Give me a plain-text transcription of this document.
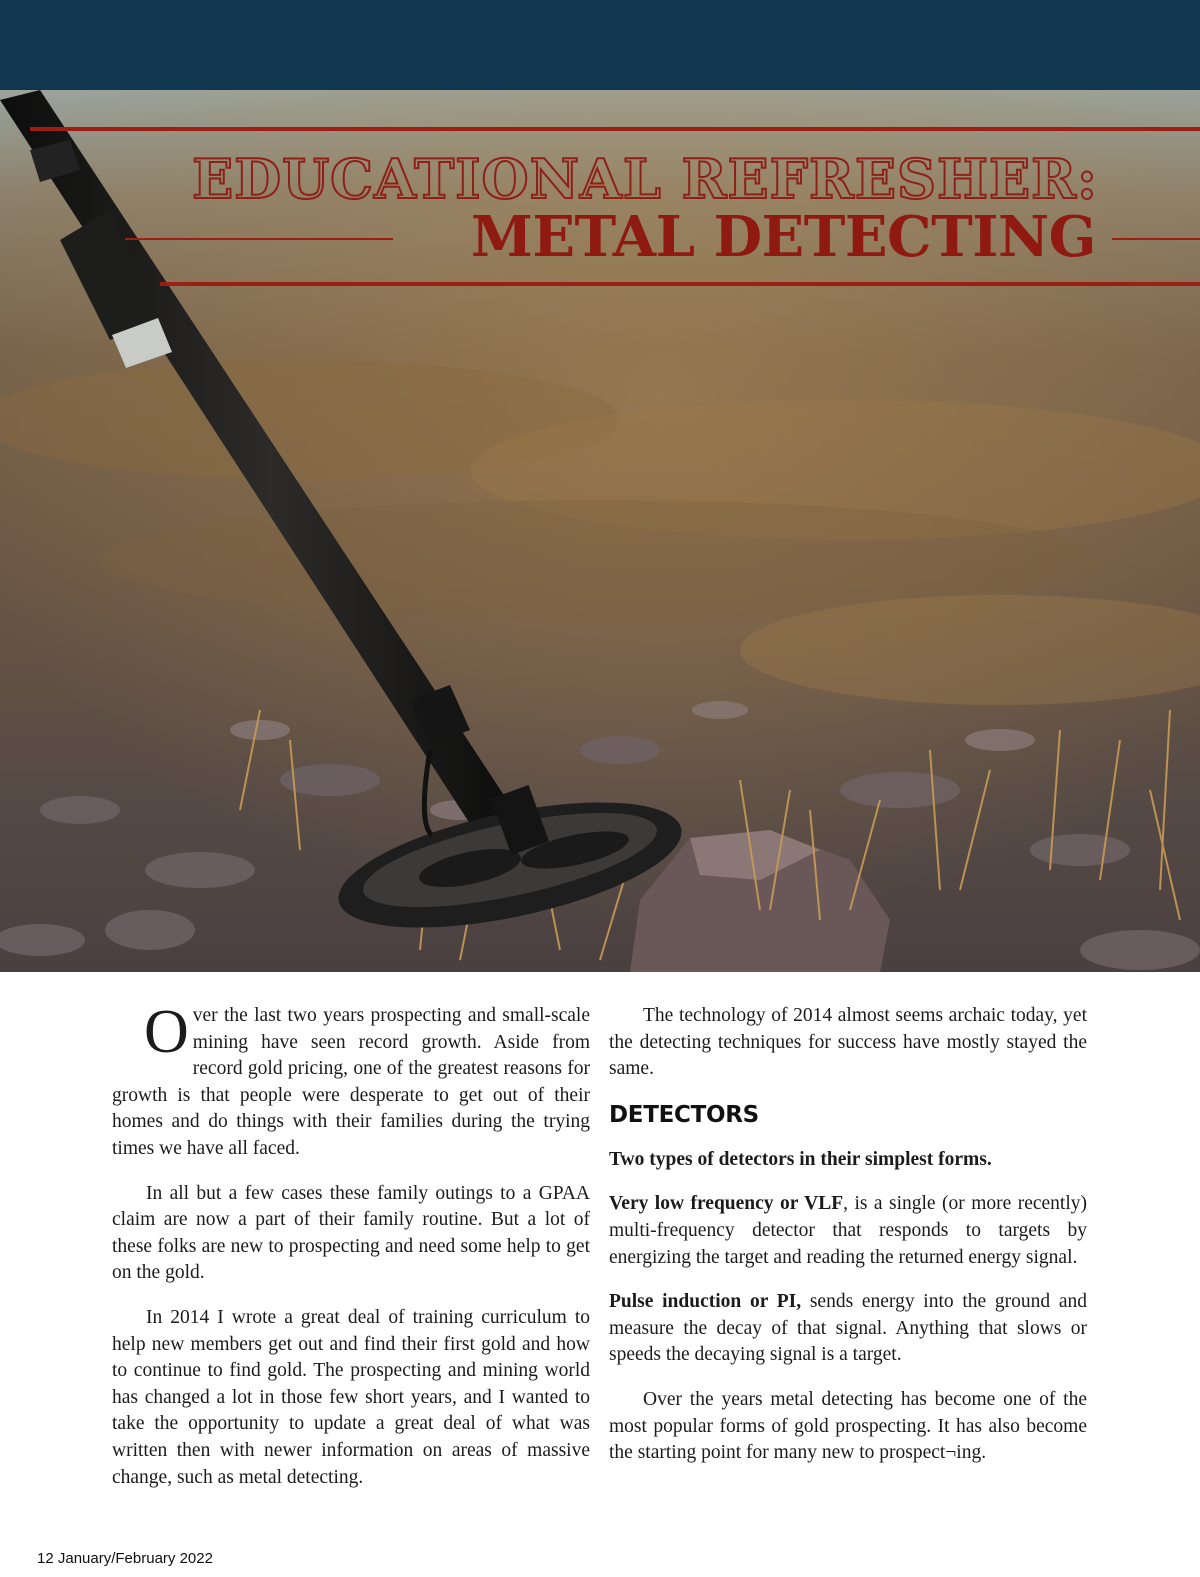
EDUCATIONAL REFRESHER:
METAL DETECTING

Over the last two years prospecting and small-scale mining have seen record growth. Aside from record gold pricing, one of the greatest reasons for growth is that people were desperate to get out of their homes and do things with their families during the trying times we have all faced.

In all but a few cases these family outings to a GPAA claim are now a part of their family routine. But a lot of these folks are new to prospecting and need some help to get on the gold.

In 2014 I wrote a great deal of training curriculum to help new members get out and find their first gold and how to continue to find gold. The prospecting and mining world has changed a lot in those few short years, and I wanted to take the opportunity to update a great deal of what was written then with newer information on areas of massive change, such as metal detecting.

The technology of 2014 almost seems archaic today, yet the detecting techniques for success have mostly stayed the same.

DETECTORS

Two types of detectors in their simplest forms.

Very low frequency or VLF, is a single (or more recently) multi-frequency detector that responds to targets by energizing the target and reading the returned energy signal.

Pulse induction or PI, sends energy into the ground and measure the decay of that signal. Anything that slows or speeds the decaying signal is a target.

Over the years metal detecting has become one of the most popular forms of gold prospecting. It has also become the starting point for many new to prospect¬ing.

12 January/February 2022
